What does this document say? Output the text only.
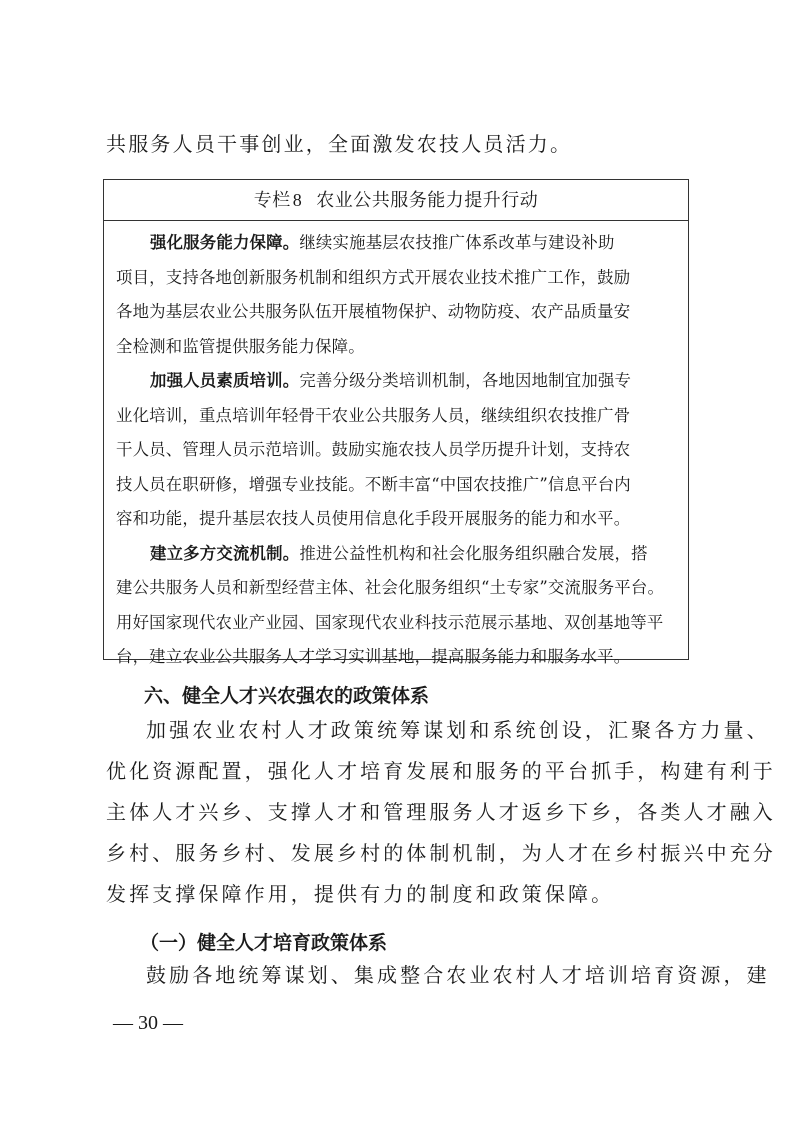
共服务人员干事创业，全面激发农技人员活力。
专栏 8 农业公共服务能力提升行动
强化服务能力保障。继续实施基层农技推广体系改革与建设补助
项目，支持各地创新服务机制和组织方式开展农业技术推广工作，鼓励
各地为基层农业公共服务队伍开展植物保护、动物防疫、农产品质量安
全检测和监管提供服务能力保障。
加强人员素质培训。完善分级分类培训机制，各地因地制宜加强专
业化培训，重点培训年轻骨干农业公共服务人员，继续组织农技推广骨
干人员、管理人员示范培训。鼓励实施农技人员学历提升计划，支持农
技人员在职研修，增强专业技能。不断丰富“中国农技推广”信息平台内
容和功能，提升基层农技人员使用信息化手段开展服务的能力和水平。
建立多方交流机制。推进公益性机构和社会化服务组织融合发展，搭
建公共服务人员和新型经营主体、社会化服务组织“土专家”交流服务平台。
用好国家现代农业产业园、国家现代农业科技示范展示基地、双创基地等平
台，建立农业公共服务人才学习实训基地，提高服务能力和服务水平。
六、健全人才兴农强农的政策体系
加强农业农村人才政策统筹谋划和系统创设，汇聚各方力量、
优化资源配置，强化人才培育发展和服务的平台抓手，构建有利于
主体人才兴乡、支撑人才和管理服务人才返乡下乡，各类人才融入
乡村、服务乡村、发展乡村的体制机制，为人才在乡村振兴中充分
发挥支撑保障作用，提供有力的制度和政策保障。
（一）健全人才培育政策体系
鼓励各地统筹谋划、集成整合农业农村人才培训培育资源，建
— 30 —
